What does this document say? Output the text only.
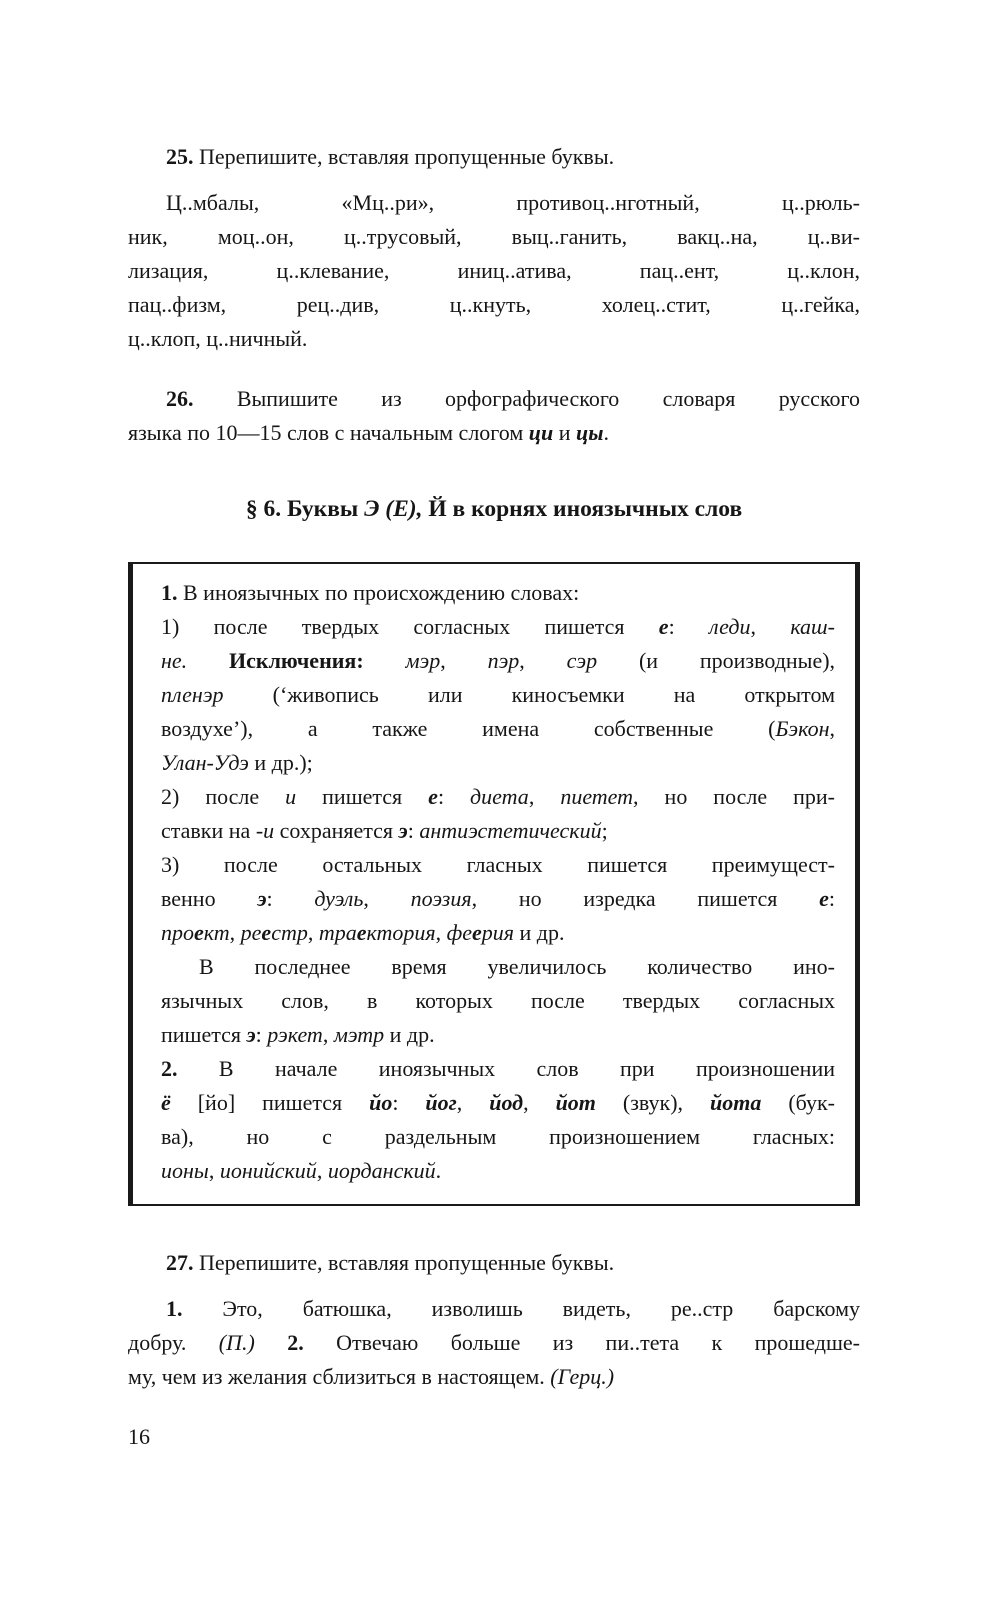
25. Перепишите, вставляя пропущенные буквы.
Ц..мбалы, «Мц..ри», противоц..нготный, ц..рюль-
ник, моц..он, ц..трусовый, выц..ганить, вакц..на, ц..ви-
лизация, ц..клевание, иниц..атива, пац..ент, ц..клон,
пац..физм, рец..див, ц..кнуть, холец..стит, ц..гейка,
ц..клоп, ц..ничный.
26. Выпишите из орфографического словаря русского
языка по 10—15 слов с начальным слогом ци и цы.
§ 6. Буквы Э (Е), Й в корнях иноязычных слов
1. В иноязычных по происхождению словах:
1) после твердых согласных пишется е: леди, каш-
не. Исключения: мэр, пэр, сэр (и производные),
пленэр (‘живопись или киносъемки на открытом
воздухе’), а также имена собственные (Бэкон,
Улан-Удэ и др.);
2) после и пишется е: диета, пиетет, но после при-
ставки на -и сохраняется э: антиэстетический;
3) после остальных гласных пишется преимущест-
венно э: дуэль, поэзия, но изредка пишется е:
проект, реестр, траектория, феерия и др.
В последнее время увеличилось количество ино-
язычных слов, в которых после твердых согласных
пишется э: рэкет, мэтр и др.
2. В начале иноязычных слов при произношении
ё [йо] пишется йо: йог, йод, йот (звук), йота (бук-
ва), но с раздельным произношением гласных:
ионы, ионийский, иорданский.
27. Перепишите, вставляя пропущенные буквы.
1. Это, батюшка, изволишь видеть, ре..стр барскому
добру. (П.) 2. Отвечаю больше из пи..тета к прошедше-
му, чем из желания сблизиться в настоящем. (Герц.)
16
